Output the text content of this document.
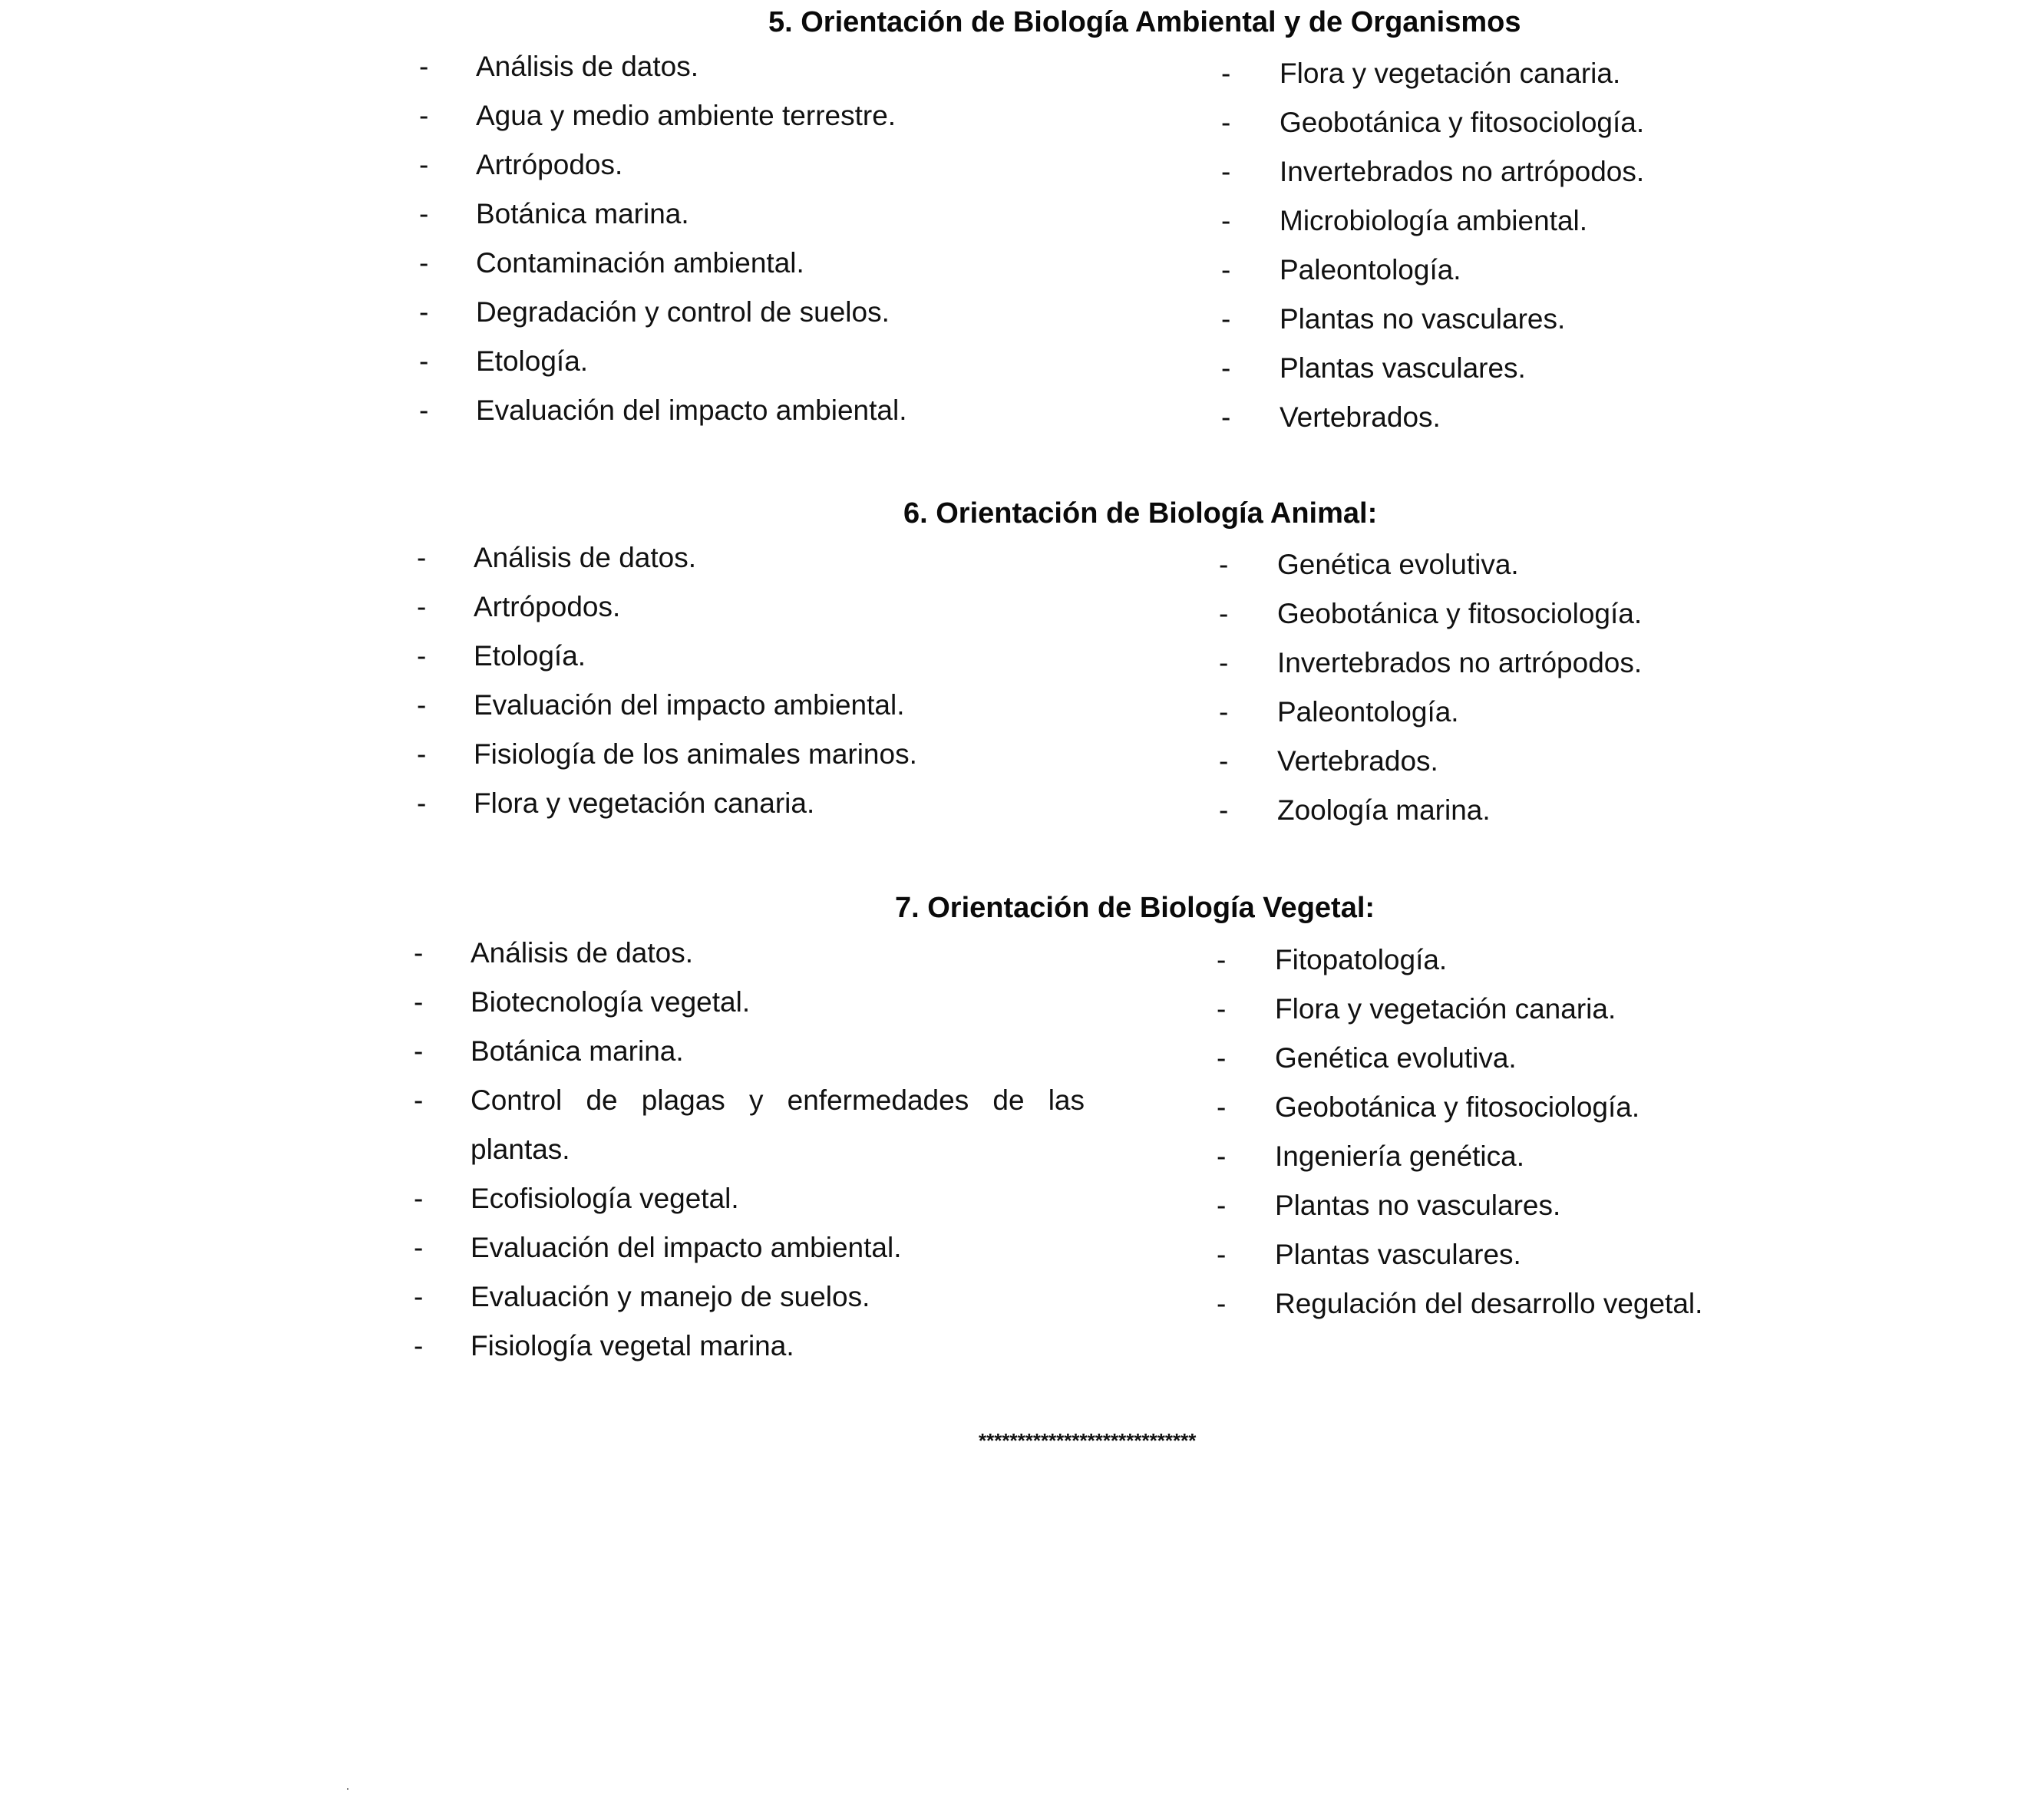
5. Orientación de Biología Ambiental y de Organismos
- Análisis de datos.
- Agua y medio ambiente terrestre.
- Artrópodos.
- Botánica marina.
- Contaminación ambiental.
- Degradación y control de suelos.
- Etología.
- Evaluación del impacto ambiental.
- Flora y vegetación canaria.
- Geobotánica y fitosociología.
- Invertebrados no artrópodos.
- Microbiología ambiental.
- Paleontología.
- Plantas no vasculares.
- Plantas vasculares.
- Vertebrados.
6. Orientación de Biología Animal:
- Análisis de datos.
- Artrópodos.
- Etología.
- Evaluación del impacto ambiental.
- Fisiología de los animales marinos.
- Flora y vegetación canaria.
- Genética evolutiva.
- Geobotánica y fitosociología.
- Invertebrados no artrópodos.
- Paleontología.
- Vertebrados.
- Zoología marina.
7. Orientación de Biología Vegetal:
- Análisis de datos.
- Biotecnología vegetal.
- Botánica marina.
- Control de plagas y enfermedades de las plantas.
- Ecofisiología vegetal.
- Evaluación del impacto ambiental.
- Evaluación y manejo de suelos.
- Fisiología vegetal marina.
- Fitopatología.
- Flora y vegetación canaria.
- Genética evolutiva.
- Geobotánica y fitosociología.
- Ingeniería genética.
- Plantas no vasculares.
- Plantas vasculares.
- Regulación del desarrollo vegetal.
****************************
